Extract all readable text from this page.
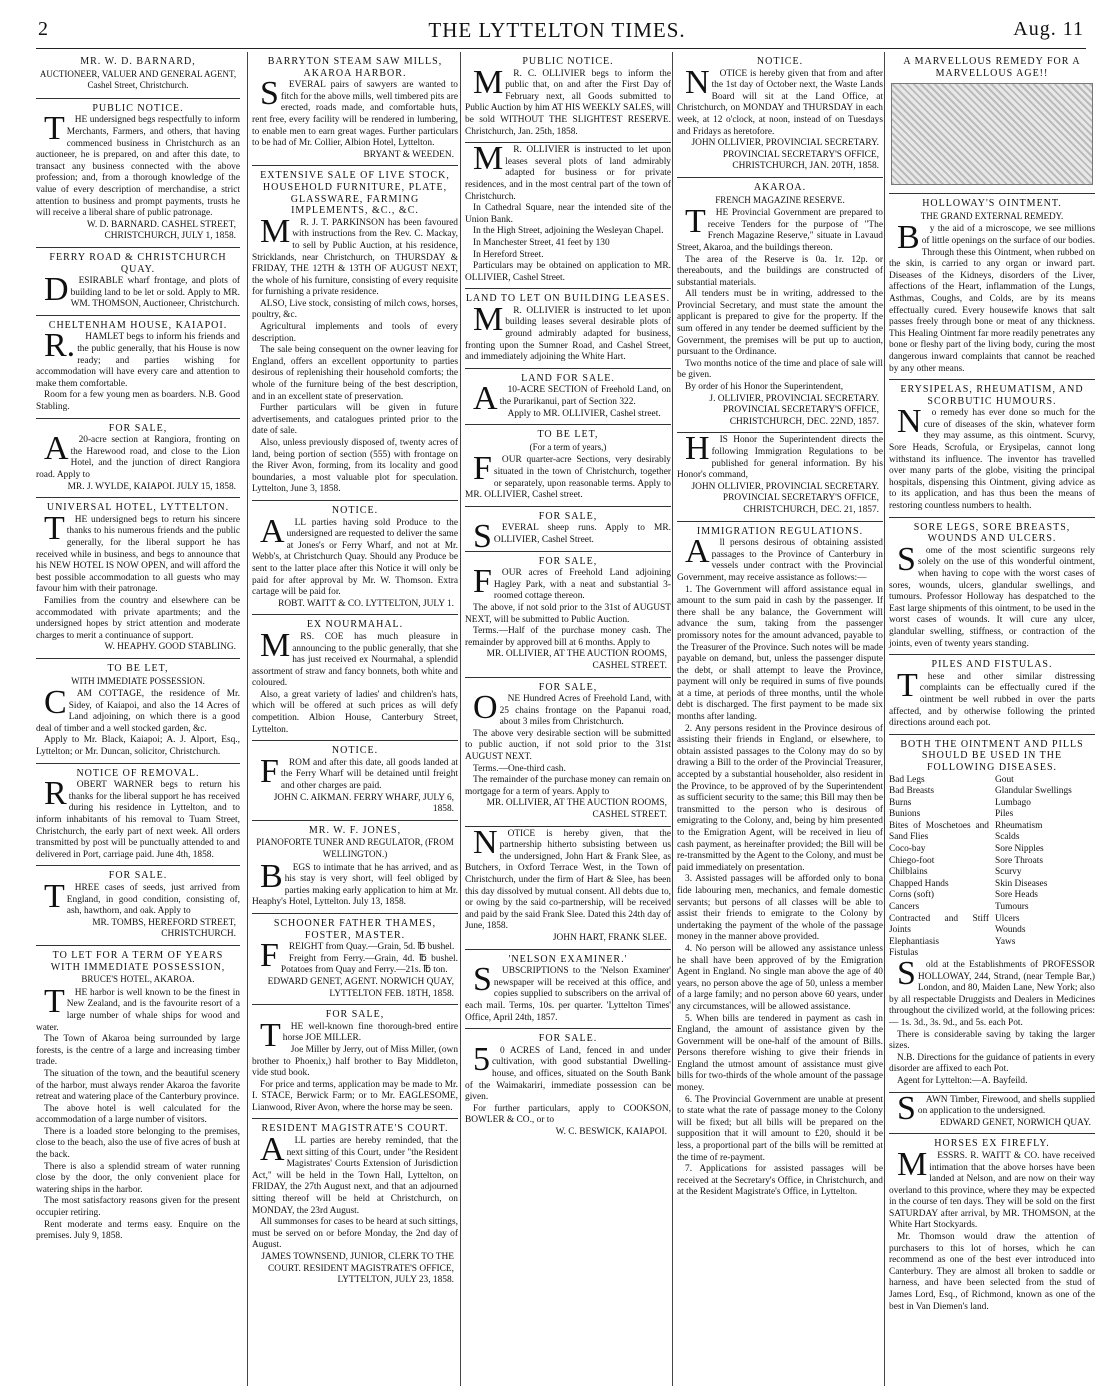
2	THE LYTTELTON TIMES.	Aug. 11
MR. W. D. BARNARD,
AUCTIONEER, VALUER AND GENERAL AGENT, Cashel Street, Christchurch.
PUBLIC NOTICE.

THE undersigned begs respectfully to inform Merchants, Farmers, and others, that having commenced business in Christchurch as an auctioneer, he is prepared, on and after this date, to transact any business connected with the above profession; and, from a thorough knowledge of the value of every description of merchandise, a strict attention to business and prompt payments, trusts he will receive a liberal share of public patronage.

W. D. BARNARD. CASHEL STREET, CHRISTCHURCH, JULY 1, 1858.
FERRY ROAD & CHRISTCHURCH QUAY.

DESIRABLE wharf frontage, and plots of building land to be let or sold. Apply to MR. WM. THOMSON, Auctioneer, Christchurch.

CHELTENHAM HOUSE, KAIAPOI.

R.HAMLET begs to inform his friends and the public generally, that his House is now ready; and parties wishing for accommodation will have every care and attention to make them comfortable.

Room for a few young men as boarders. N.B. Good Stabling.

FOR SALE,

A20-acre section at Rangiora, fronting on the Harewood road, and close to the Lion Hotel, and the junction of direct Rangiora road. Apply to

MR. J. WYLDE, KAIAPOI. JULY 15, 1858.
UNIVERSAL HOTEL, LYTTELTON.

THE undersigned begs to return his sincere thanks to his numerous friends and the public generally, for the liberal support he has received while in business, and begs to announce that his NEW HOTEL IS NOW OPEN, and will afford the best possible accommodation to all guests who may favour him with their patronage.

Families from the country and elsewhere can be accommodated with private apartments; and the undersigned hopes by strict attention and moderate charges to merit a continuance of support.

W. HEAPHY. GOOD STABLING.
TO BE LET,
WITH IMMEDIATE POSSESSION.

CAM COTTAGE, the residence of Mr. Sidey, of Kaiapoi, and also the 14 Acres of Land adjoining, on which there is a good deal of timber and a well stocked garden, &c.

Apply to Mr. Black, Kaiapoi; A. J. Alport, Esq., Lyttelton; or Mr. Duncan, solicitor, Christchurch.

NOTICE OF REMOVAL.

ROBERT WARNER begs to return his thanks for the liberal support he has received during his residence in Lyttelton, and to inform inhabitants of his removal to Tuam Street, Christchurch, the early part of next week. All orders transmitted by post will be punctually attended to and delivered in Port, carriage paid. June 4th, 1858.

FOR SALE.

THREE cases of seeds, just arrived from England, in good condition, consisting of, ash, hawthorn, and oak. Apply to

MR. TOMBS, HEREFORD STREET, CHRISTCHURCH.
TO LET FOR A TERM OF YEARS WITH IMMEDIATE POSSESSION,
BRUCE'S HOTEL, AKAROA.

THE harbor is well known to be the finest in New Zealand, and is the favourite resort of a large number of whale ships for wood and water.

The Town of Akaroa being surrounded by large forests, is the centre of a large and increasing timber trade.

The situation of the town, and the beautiful scenery of the harbor, must always render Akaroa the favorite retreat and watering place of the Canterbury province.

The above hotel is well calculated for the accommodation of a large number of visitors.

There is a loaded store belonging to the premises, close to the beach, also the use of five acres of bush at the back.

There is also a splendid stream of water running close by the door, the only convenient place for watering ships in the harbor.

The most satisfactory reasons given for the present occupier retiring.

Rent moderate and terms easy. Enquire on the premises. July 9, 1858.

BARRYTON STEAM SAW MILLS, AKAROA HARBOR.

SEVERAL pairs of sawyers are wanted to fitch for the above mills, well timbered pits are erected, roads made, and comfortable huts, rent free, every facility will be rendered in lumbering, to enable men to earn great wages. Further particulars to be had of Mr. Collier, Albion Hotel, Lyttelton.

BRYANT & WEEDEN.
EXTENSIVE SALE OF LIVE STOCK, HOUSEHOLD FURNITURE, PLATE, GLASSWARE, FARMING IMPLEMENTS, &C., &C.

MR. J. T. PARKINSON has been favoured with instructions from the Rev. C. Mackay, to sell by Public Auction, at his residence, Stricklands, near Christchurch, on THURSDAY & FRIDAY, THE 12TH & 13TH OF AUGUST NEXT, the whole of his furniture, consisting of every requisite for furnishing a private residence.

ALSO, Live stock, consisting of milch cows, horses, poultry, &c.

Agricultural implements and tools of every description.

The sale being consequent on the owner leaving for England, offers an excellent opportunity to parties desirous of replenishing their household comforts; the whole of the furniture being of the best description, and in an excellent state of preservation.

Further particulars will be given in future advertisements, and catalogues printed prior to the date of sale.

Also, unless previously disposed of, twenty acres of land, being portion of section (555) with frontage on the River Avon, forming, from its locality and good boundaries, a most valuable plot for speculation. Lyttelton, June 3, 1858.

NOTICE.

ALL parties having sold Produce to the undersigned are requested to deliver the same at Jones's or Ferry Wharf, and not at Mr. Webb's, at Christchurch Quay. Should any Produce be sent to the latter place after this Notice it will only be paid for after approval by Mr. W. Thomson. Extra cartage will be paid for.

ROBT. WAITT & CO. LYTTELTON, JULY 1.
EX NOURMAHAL.

MRS. COE has much pleasure in announcing to the public generally, that she has just received ex Nourmahal, a splendid assortment of straw and fancy bonnets, both white and coloured.

Also, a great variety of ladies' and children's hats, which will be offered at such prices as will defy competition. Albion House, Canterbury Street, Lyttelton.

NOTICE.

FROM and after this date, all goods landed at the Ferry Wharf will be detained until freight and other charges are paid.

JOHN C. AIKMAN. FERRY WHARF, JULY 6, 1858.
MR. W. F. JONES,
PIANOFORTE TUNER AND REGULATOR, (FROM WELLINGTON.)

BEGS to intimate that he has arrived, and as his stay is very short, will feel obliged by parties making early application to him at Mr. Heaphy's Hotel, Lyttelton. July 13, 1858.

SCHOONER FATHER THAMES, FOSTER, MASTER.

FREIGHT from Quay.—Grain, 5d. ℔ bushel.

Freight from Ferry.—Grain, 4d. ℔ bushel. Potatoes from Quay and Ferry.—21s. ℔ ton.

EDWARD GENET, AGENT. NORWICH QUAY, LYTTELTON FEB. 18TH, 1858.
FOR SALE,

THE well-known fine thorough-bred entire horse JOE MILLER.

Joe Miller by Jerry, out of Miss Miller, (own brother to Phoenix,) half brother to Bay Middleton, vide stud book.

For price and terms, application may be made to Mr. I. STACE, Berwick Farm; or to Mr. EAGLESOME, Lianwood, River Avon, where the horse may be seen.

RESIDENT MAGISTRATE'S COURT.

ALL parties are hereby reminded, that the next sitting of this Court, under "the Resident Magistrates' Courts Extension of Jurisdiction Act," will be held in the Town Hall, Lyttelton, on FRIDAY, the 27th August next, and that an adjourned sitting thereof will be held at Christchurch, on MONDAY, the 23rd August.

All summonses for cases to be heard at such sittings, must be served on or before Monday, the 2nd day of August.

JAMES TOWNSEND, JUNIOR, CLERK TO THE COURT. RESIDENT MAGISTRATE'S OFFICE, LYTTELTON, JULY 23, 1858.
PUBLIC NOTICE.

MR. C. OLLIVIER begs to inform the public that, on and after the First Day of February next, all Goods submitted to Public Auction by him AT HIS WEEKLY SALES, will be sold WITHOUT THE SLIGHTEST RESERVE. Christchurch, Jan. 25th, 1858.

MR. OLLIVIER is instructed to let upon leases several plots of land admirably adapted for business or for private residences, and in the most central part of the town of Christchurch.

In Cathedral Square, near the intended site of the Union Bank.

In the High Street, adjoining the Wesleyan Chapel.

In Manchester Street, 41 feet by 130

In Hereford Street.

Particulars may be obtained on application to MR. OLLIVIER, Cashel Street.

LAND TO LET ON BUILDING LEASES.

MR. OLLIVIER is instructed to let upon building leases several desirable plots of ground admirably adapted for business, fronting upon the Sumner Road, and Cashel Street, and immediately adjoining the White Hart.

LAND FOR SALE.

A10-ACRE SECTION of Freehold Land, on the Purarikanui, part of Section 322.

Apply to MR. OLLIVIER, Cashel street.

TO BE LET,
(For a term of years,)

FOUR quarter-acre Sections, very desirably situated in the town of Christchurch, together or separately, upon reasonable terms. Apply to MR. OLLIVIER, Cashel street.

FOR SALE,

SEVERAL sheep runs. Apply to MR. OLLIVIER, Cashel Street.

FOR SALE,

FOUR acres of Freehold Land adjoining Hagley Park, with a neat and substantial 3-roomed cottage thereon.

The above, if not sold prior to the 31st of AUGUST NEXT, will be submitted to Public Auction.

Terms.—Half of the purchase money cash. The remainder by approved bill at 6 months. Apply to

MR. OLLIVIER, AT THE AUCTION ROOMS, CASHEL STREET.
FOR SALE,

ONE Hundred Acres of Freehold Land, with 25 chains frontage on the Papanui road, about 3 miles from Christchurch.

The above very desirable section will be submitted to public auction, if not sold prior to the 31st AUGUST NEXT.

Terms.—One-third cash.

The remainder of the purchase money can remain on mortgage for a term of years. Apply to

MR. OLLIVIER, AT THE AUCTION ROOMS, CASHEL STREET.

NOTICE is hereby given, that the partnership hitherto subsisting between us the undersigned, John Hart & Frank Slee, as Butchers, in Oxford Terrace West, in the Town of Christchurch, under the firm of Hart & Slee, has been this day dissolved by mutual consent. All debts due to, or owing by the said co-partnership, will be received and paid by the said Frank Slee. Dated this 24th day of June, 1858.

JOHN HART, FRANK SLEE.
'NELSON EXAMINER.'

SUBSCRIPTIONS to the 'Nelson Examiner' newspaper will be received at this office, and copies supplied to subscribers on the arrival of each mail. Terms, 10s. per quarter. 'Lyttelton Times' Office, April 24th, 1857.

FOR SALE.

50 ACRES of Land, fenced in and under cultivation, with good substantial Dwelling-house, and offices, situated on the South Bank of the Waimakariri, immediate possession can be given.

For further particulars, apply to COOKSON, BOWLER & CO., or to

W. C. BESWICK, KAIAPOI.
NOTICE.

NOTICE is hereby given that from and after the 1st day of October next, the Waste Lands Board will sit at the Land Office, at Christchurch, on MONDAY and THURSDAY in each week, at 12 o'clock, at noon, instead of on Tuesdays and Fridays as heretofore.

JOHN OLLIVIER, PROVINCIAL SECRETARY. PROVINCIAL SECRETARY'S OFFICE, CHRISTCHURCH, JAN. 20TH, 1858.
AKAROA.
FRENCH MAGAZINE RESERVE.

THE Provincial Government are prepared to receive Tenders for the purpose of "The French Magazine Reserve," situate in Lavaud Street, Akaroa, and the buildings thereon.

The area of the Reserve is 0a. 1r. 12p. or thereabouts, and the buildings are constructed of substantial materials.

All tenders must be in writing, addressed to the Provincial Secretary, and must state the amount the applicant is prepared to give for the property. If the sum offered in any tender be deemed sufficient by the Government, the premises will be put up to auction, pursuant to the Ordinance.

Two months notice of the time and place of sale will be given.

By order of his Honor the Superintendent,

J. OLLIVIER, PROVINCIAL SECRETARY. PROVINCIAL SECRETARY'S OFFICE, CHRISTCHURCH, DEC. 22ND, 1857.

HIS Honor the Superintendent directs the following Immigration Regulations to be published for general information. By his Honor's command,

JOHN OLLIVIER, PROVINCIAL SECRETARY. PROVINCIAL SECRETARY'S OFFICE, CHRISTCHURCH, DEC. 21, 1857.
IMMIGRATION REGULATIONS.

All persons desirous of obtaining assisted passages to the Province of Canterbury in vessels under contract with the Provincial Government, may receive assistance as follows:—

1. The Government will afford assistance equal in amount to the sum paid in cash by the passenger. If there shall be any balance, the Government will advance the sum, taking from the passenger promissory notes for the amount advanced, payable to the Treasurer of the Province. Such notes will be made payable on demand, but, unless the passenger dispute the debt, or shall attempt to leave the Province, payment will only be required in sums of five pounds at a time, at periods of three months, until the whole debt is discharged. The first payment to be made six months after landing.

2. Any persons resident in the Province desirous of assisting their friends in England, or elsewhere, to obtain assisted passages to the Colony may do so by drawing a Bill to the order of the Provincial Treasurer, accepted by a substantial householder, also resident in the Province, to be approved of by the Superintendent as sufficient security to the same; this Bill may then be transmitted to the person who is desirous of emigrating to the Colony, and, being by him presented to the Emigration Agent, will be received in lieu of cash payment, as hereinafter provided; the Bill will be re-transmitted by the Agent to the Colony, and must be paid immediately on presentation.

3. Assisted passages will be afforded only to bona fide labouring men, mechanics, and female domestic servants; but persons of all classes will be able to assist their friends to emigrate to the Colony by undertaking the payment of the whole of the passage money in the manner above provided.

4. No person will be allowed any assistance unless he shall have been approved of by the Emigration Agent in England. No single man above the age of 40 years, no person above the age of 50, unless a member of a large family; and no person above 60 years, under any circumstances, will be allowed assistance.

5. When bills are tendered in payment as cash in England, the amount of assistance given by the Government will be one-half of the amount of Bills. Persons therefore wishing to give their friends in England the utmost amount of assistance must give bills for two-thirds of the whole amount of the passage money.

6. The Provincial Government are unable at present to state what the rate of passage money to the Colony will be fixed; but all bills will be prepared on the supposition that it will amount to £20, should it be less, a proportional part of the bills will be remitted at the time of re-payment.

7. Applications for assisted passages will be received at the Secretary's Office, in Christchurch, and at the Resident Magistrate's Office, in Lyttelton.

A MARVELLOUS REMEDY FOR A MARVELLOUS AGE!!
HOLLOWAY'S OINTMENT.
THE GRAND EXTERNAL REMEDY.

By the aid of a microscope, we see millions of little openings on the surface of our bodies. Through these this Ointment, when rubbed on the skin, is carried to any organ or inward part. Diseases of the Kidneys, disorders of the Liver, affections of the Heart, inflammation of the Lungs, Asthmas, Coughs, and Colds, are by its means effectually cured. Every housewife knows that salt passes freely through bone or meat of any thickness. This Healing Ointment far more readily penetrates any bone or fleshy part of the living body, curing the most dangerous inward complaints that cannot be reached by any other means.

ERYSIPELAS, RHEUMATISM, AND SCORBUTIC HUMOURS.

No remedy has ever done so much for the cure of diseases of the skin, whatever form they may assume, as this ointment. Scurvy, Sore Heads, Scrofula, or Erysipelas, cannot long withstand its influence. The inventor has travelled over many parts of the globe, visiting the principal hospitals, dispensing this Ointment, giving advice as to its application, and has thus been the means of restoring countless numbers to health.

SORE LEGS, SORE BREASTS, WOUNDS AND ULCERS.

Some of the most scientific surgeons rely solely on the use of this wonderful ointment, when having to cope with the worst cases of sores, wounds, ulcers, glandular swellings, and tumours. Professor Holloway has despatched to the East large shipments of this ointment, to be used in the worst cases of wounds. It will cure any ulcer, glandular swelling, stiffness, or contraction of the joints, even of twenty years standing.

PILES AND FISTULAS.

These and other similar distressing complaints can be effectually cured if the ointment be well rubbed in over the parts affected, and by otherwise following the printed directions around each pot.

BOTH THE OINTMENT AND PILLS SHOULD BE USED IN THE FOLLOWING DISEASES.
Bad Legs
Bad Breasts
Burns
Bunions
Bites of Moschetoes and Sand Flies
Coco-bay
Chiego-foot
Chilblains
Chapped Hands
Corns (soft)
Cancers
Contracted and Stiff Joints
Elephantiasis
Fistulas
Gout
Glandular Swellings
Lumbago
Piles
Rheumatism
Scalds
Sore Nipples
Sore Throats
Scurvy
Skin Diseases
Sore Heads
Tumours
Ulcers
Wounds
Yaws

Sold at the Establishments of PROFESSOR HOLLOWAY, 244, Strand, (near Temple Bar,) London, and 80, Maiden Lane, New York; also by all respectable Druggists and Dealers in Medicines throughout the civilized world, at the following prices:— 1s. 3d., 3s. 9d., and 5s. each Pot.

There is considerable saving by taking the larger sizes.

N.B. Directions for the guidance of patients in every disorder are affixed to each Pot.

Agent for Lyttelton:—A. Bayfeild.

SAWN Timber, Firewood, and shells supplied on application to the undersigned.

EDWARD GENET, NORWICH QUAY.
HORSES EX FIREFLY.

MESSRS. R. WAITT & CO. have received intimation that the above horses have been landed at Nelson, and are now on their way overland to this province, where they may be expected in the course of ten days. They will be sold on the first SATURDAY after arrival, by MR. THOMSON, at the White Hart Stockyards.

Mr. Thomson would draw the attention of purchasers to this lot of horses, which he can recommend as one of the best ever introduced into Canterbury. They are almost all broken to saddle or harness, and have been selected from the stud of James Lord, Esq., of Richmond, known as one of the best in Van Diemen's land.
